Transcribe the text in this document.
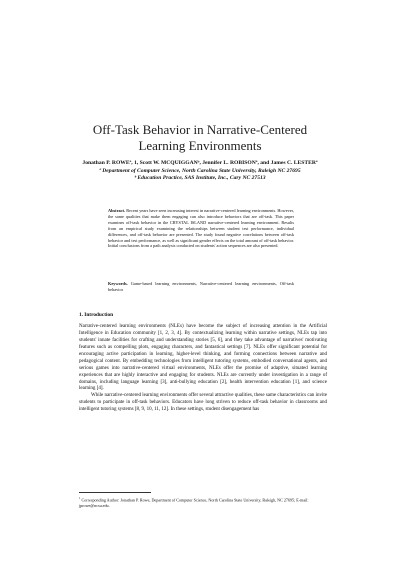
Off-Task Behavior in Narrative-Centered
Learning Environments
Jonathan P. ROWEª, 1, Scott W. MCQUIGGANᵇ, Jennifer L. ROBISONª, and James C. LESTERª
ª Department of Computer Science, North Carolina State University, Raleigh NC 27695
ᵇ Education Practice, SAS Institute, Inc., Cary NC 27513
Abstract. Recent years have seen increasing interest in narrative-centered learning environments. However, the same qualities that make them engaging can also introduce behaviors that are off-task. This paper examines off-task behavior in the CRYSTAL ISLAND narrative-centered learning environment. Results from an empirical study examining the relationships between student test performance, individual differences, and off-task behavior are presented. The study found negative correlations between off-task behavior and test performance, as well as significant gender effects on the total amount of off-task behavior. Initial conclusions from a path analysis conducted on students' action sequences are also presented.
Keywords. Game-based learning environments, Narrative-centered learning environments, Off-task behavior
1. Introduction

Narrative-centered learning environments (NLEs) have become the subject of increasing attention in the Artificial Intelligence in Education community [1, 2, 3, 4]. By contextualizing learning within narrative settings, NLEs tap into students' innate facilities for crafting and understanding stories [5, 6], and they take advantage of narratives' motivating features such as compelling plots, engaging characters, and fantastical settings [7]. NLEs offer significant potential for encouraging active participation in learning, higher-level thinking, and forming connections between narrative and pedagogical content. By embedding technologies from intelligent tutoring systems, embodied conversational agents, and serious games into narrative-centered virtual environments, NLEs offer the promise of adaptive, situated learning experiences that are highly interactive and engaging for students. NLEs are currently under investigation in a range of domains, including language learning [3], anti-bullying education [2], health intervention education [1], and science learning [4].

While narrative-centered learning environments offer several attractive qualities, these same characteristics can invite students to participate in off-task behaviors. Educators have long striven to reduce off-task behavior in classrooms and intelligent tutoring systems [8, 9, 10, 11, 12]. In these settings, student disengagement has

$^1$ Corresponding Author: Jonathan P. Rowe, Department of Computer Science, North Carolina State University, Raleigh, NC 27695; E-mail: jprowe@ncsu.edu.
